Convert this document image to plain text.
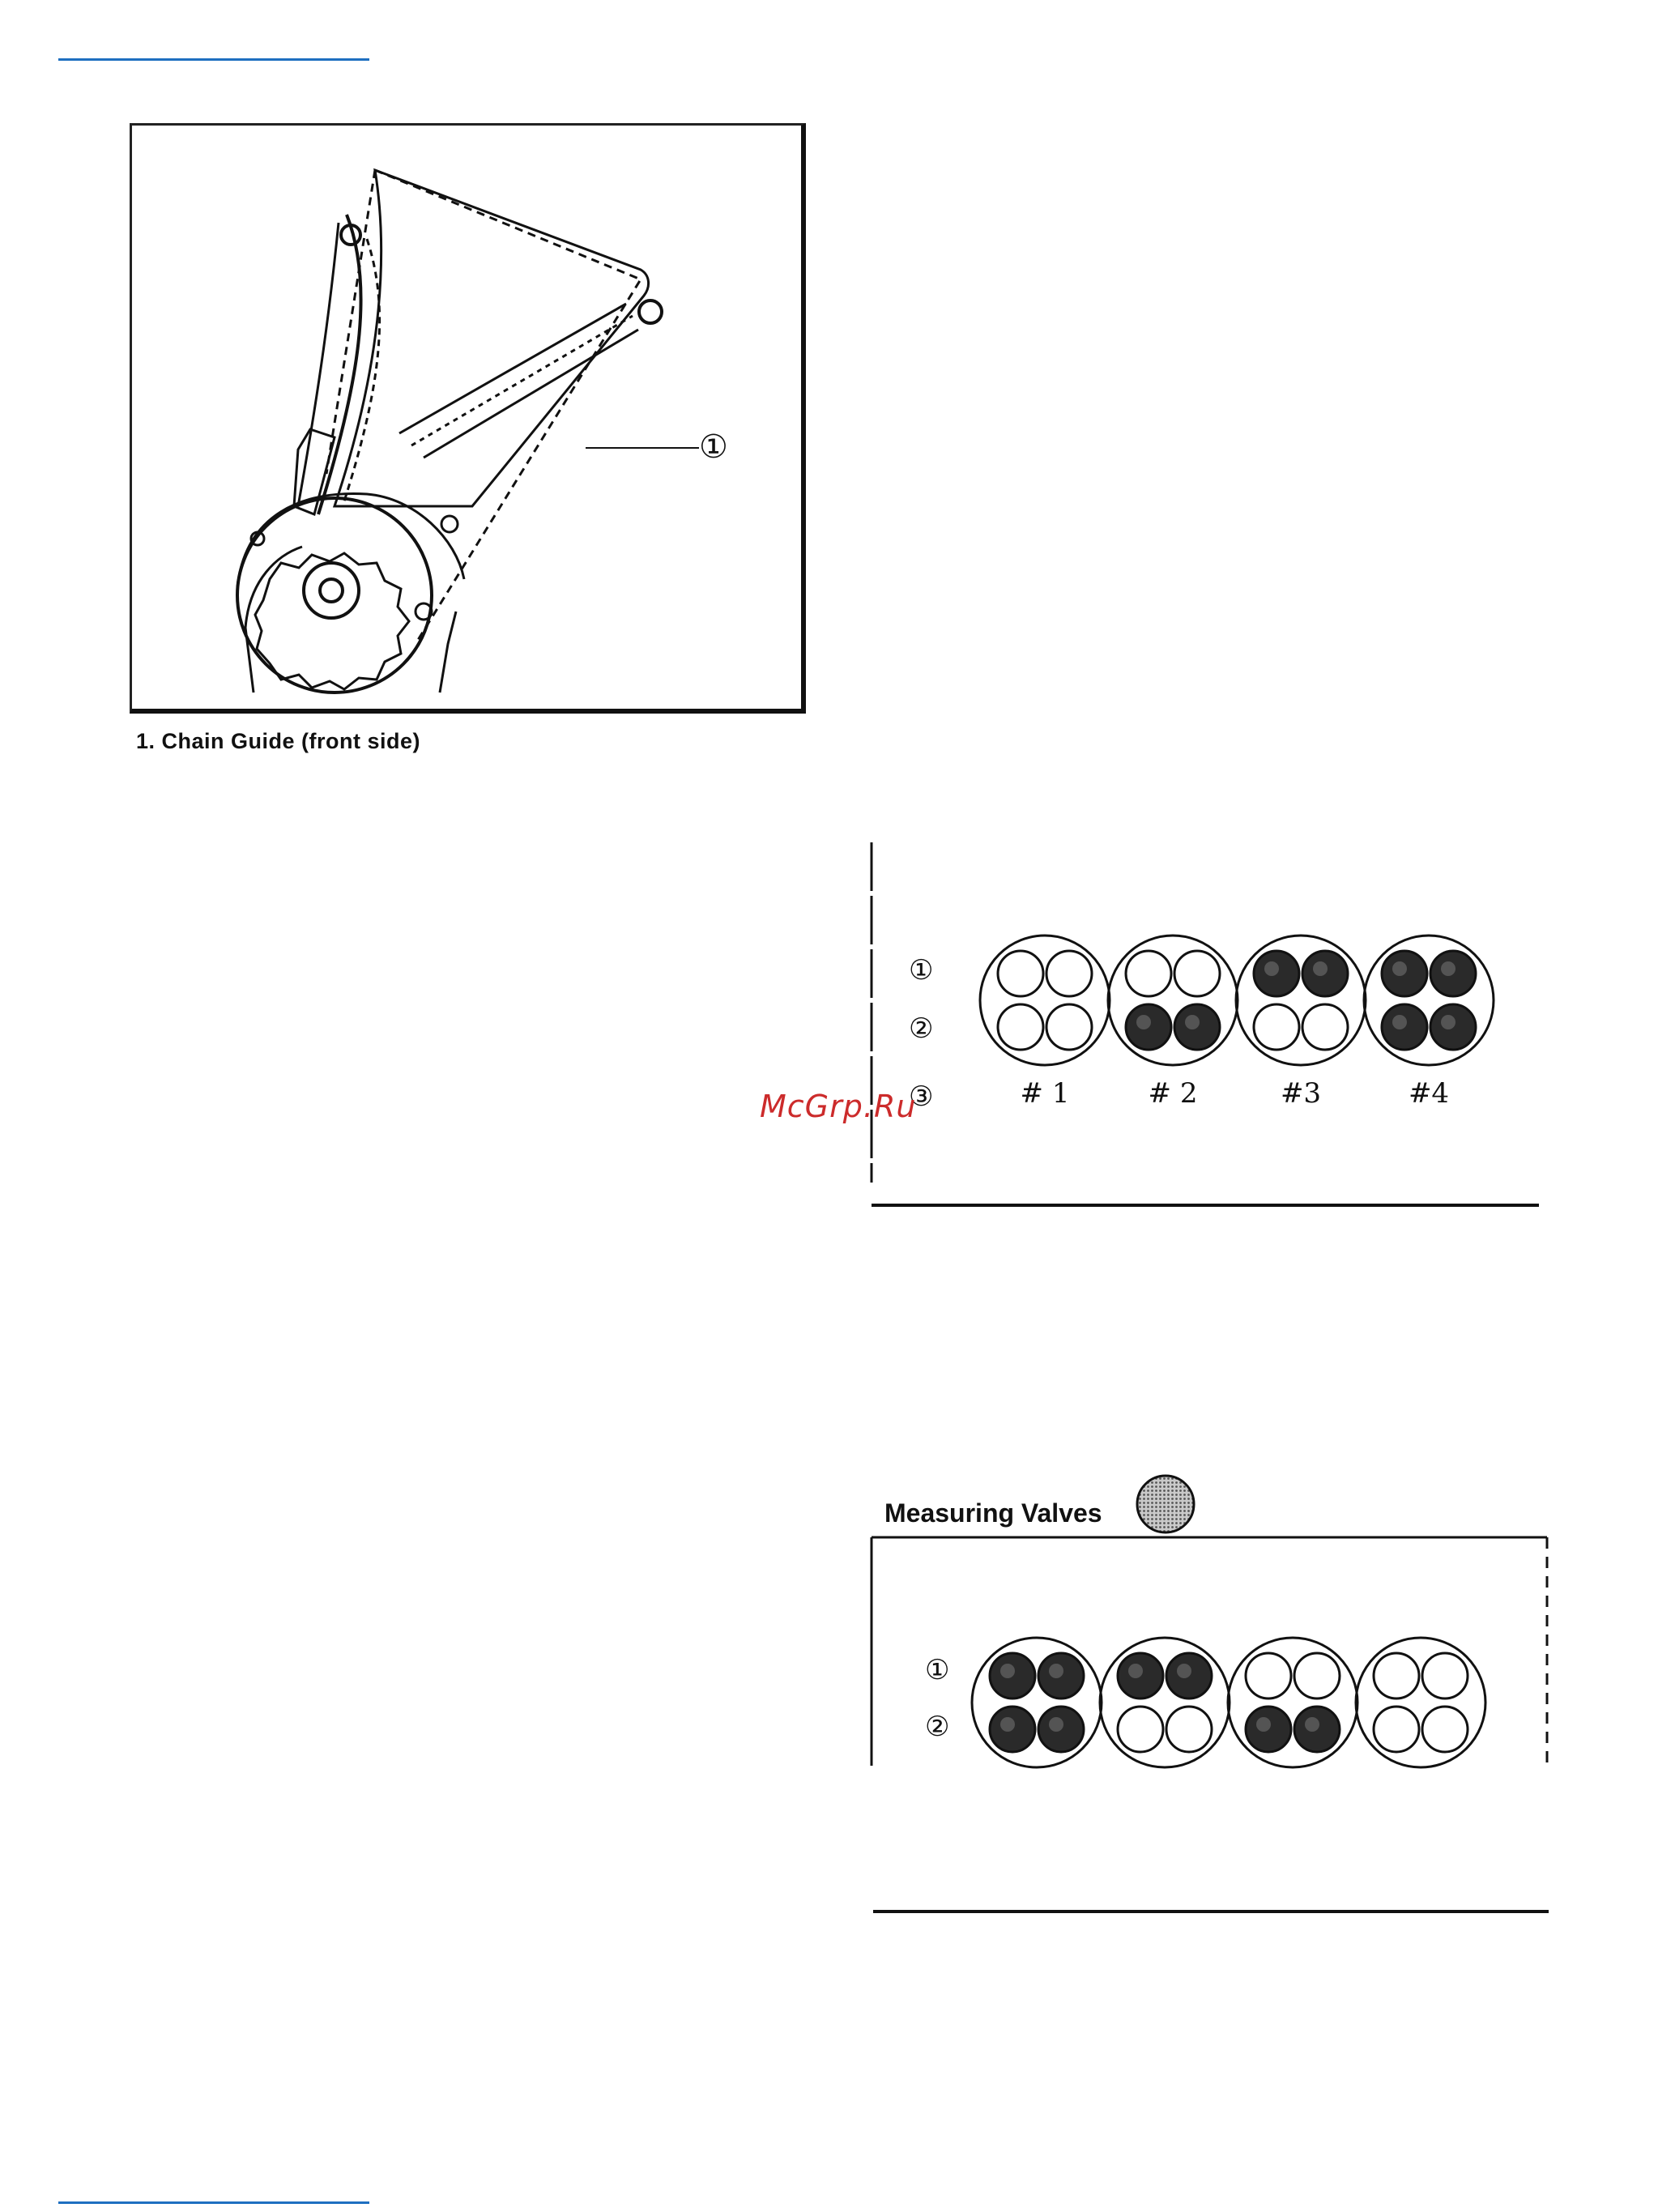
①
1. Chain Guide (front side)
①
②
③	# 1	# 2	#3	#4
McGrp.Ru
Measuring Valves
①
②
